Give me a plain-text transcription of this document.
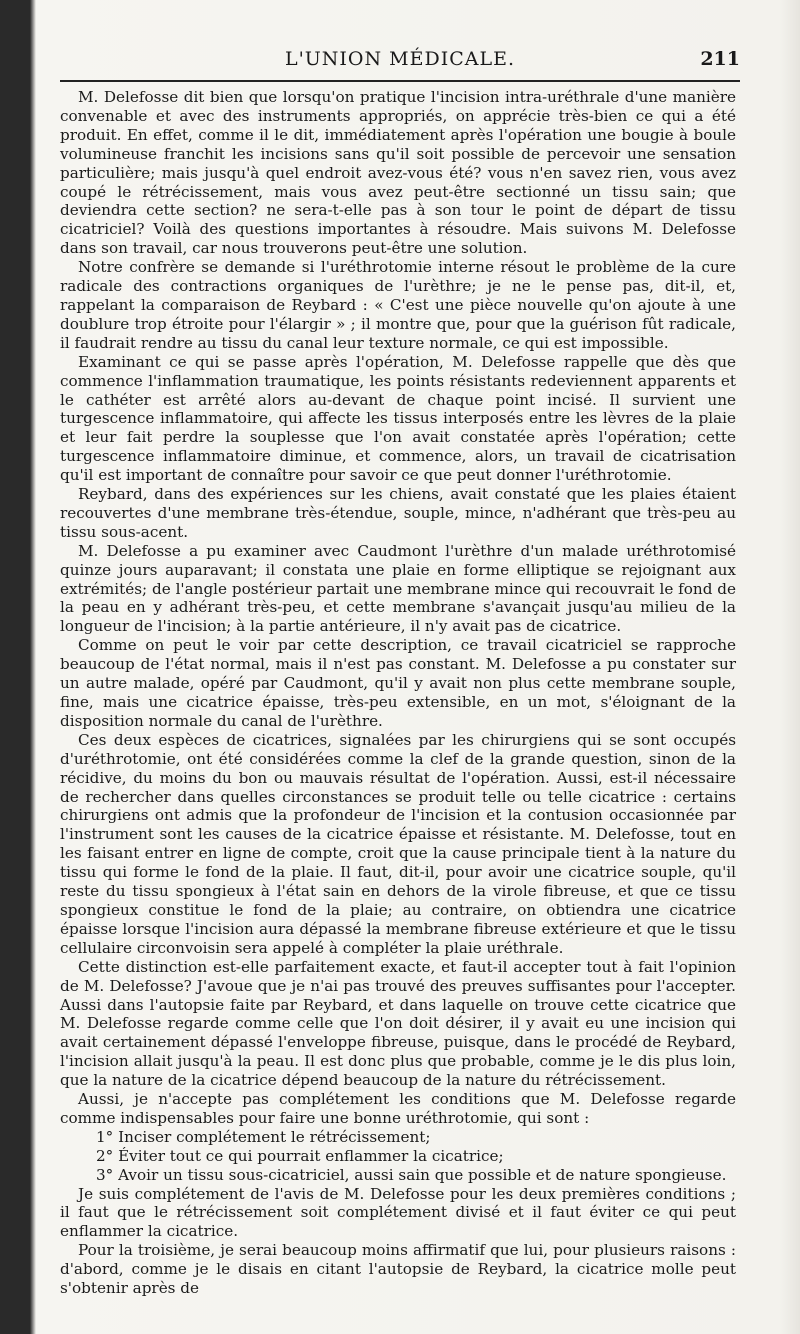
L'UNION MÉDICALE.	211

M. Delefosse dit bien que lorsqu'on pratique l'incision intra-uréthrale d'une manière convenable et avec des instruments appropriés, on apprécie très-bien ce qui a été produit. En effet, comme il le dit, immédiatement après l'opération une bougie à boule volumineuse franchit les incisions sans qu'il soit possible de percevoir une sensation particulière; mais jusqu'à quel endroit avez-vous été? vous n'en savez rien, vous avez coupé le rétrécissement, mais vous avez peut-être sectionné un tissu sain; que deviendra cette section? ne sera-t-elle pas à son tour le point de départ de tissu cicatriciel? Voilà des questions importantes à résoudre. Mais suivons M. Delefosse dans son travail, car nous trouverons peut-être une solution.

Notre confrère se demande si l'uréthrotomie interne résout le problème de la cure radicale des contractions organiques de l'urèthre; je ne le pense pas, dit-il, et, rappelant la comparaison de Reybard : « C'est une pièce nouvelle qu'on ajoute à une doublure trop étroite pour l'élargir » ; il montre que, pour que la guérison fût radicale, il faudrait rendre au tissu du canal leur texture normale, ce qui est impossible.

Examinant ce qui se passe après l'opération, M. Delefosse rappelle que dès que commence l'inflammation traumatique, les points résistants redeviennent apparents et le cathéter est arrêté alors au-devant de chaque point incisé. Il survient une turgescence inflammatoire, qui affecte les tissus interposés entre les lèvres de la plaie et leur fait perdre la souplesse que l'on avait constatée après l'opération; cette turgescence inflammatoire diminue, et commence, alors, un travail de cicatrisation qu'il est important de connaître pour savoir ce que peut donner l'uréthrotomie.

Reybard, dans des expériences sur les chiens, avait constaté que les plaies étaient recouvertes d'une membrane très-étendue, souple, mince, n'adhérant que très-peu au tissu sous-acent.

M. Delefosse a pu examiner avec Caudmont l'urèthre d'un malade uréthrotomisé quinze jours auparavant; il constata une plaie en forme elliptique se rejoignant aux extrémités; de l'angle postérieur partait une membrane mince qui recouvrait le fond de la peau en y adhérant très-peu, et cette membrane s'avançait jusqu'au milieu de la longueur de l'incision; à la partie antérieure, il n'y avait pas de cicatrice.

Comme on peut le voir par cette description, ce travail cicatriciel se rapproche beaucoup de l'état normal, mais il n'est pas constant. M. Delefosse a pu constater sur un autre malade, opéré par Caudmont, qu'il y avait non plus cette membrane souple, fine, mais une cicatrice épaisse, très-peu extensible, en un mot, s'éloignant de la disposition normale du canal de l'urèthre.

Ces deux espèces de cicatrices, signalées par les chirurgiens qui se sont occupés d'uréthrotomie, ont été considérées comme la clef de la grande question, sinon de la récidive, du moins du bon ou mauvais résultat de l'opération. Aussi, est-il nécessaire de rechercher dans quelles circonstances se produit telle ou telle cicatrice : certains chirurgiens ont admis que la profondeur de l'incision et la contusion occasionnée par l'instrument sont les causes de la cicatrice épaisse et résistante. M. Delefosse, tout en les faisant entrer en ligne de compte, croit que la cause principale tient à la nature du tissu qui forme le fond de la plaie. Il faut, dit-il, pour avoir une cicatrice souple, qu'il reste du tissu spongieux à l'état sain en dehors de la virole fibreuse, et que ce tissu spongieux constitue le fond de la plaie; au contraire, on obtiendra une cicatrice épaisse lorsque l'incision aura dépassé la membrane fibreuse extérieure et que le tissu cellulaire circonvoisin sera appelé à compléter la plaie uréthrale.

Cette distinction est-elle parfaitement exacte, et faut-il accepter tout à fait l'opinion de M. Delefosse? J'avoue que je n'ai pas trouvé des preuves suffisantes pour l'accepter. Aussi dans l'autopsie faite par Reybard, et dans laquelle on trouve cette cicatrice que M. Delefosse regarde comme celle que l'on doit désirer, il y avait eu une incision qui avait certainement dépassé l'enveloppe fibreuse, puisque, dans le procédé de Reybard, l'incision allait jusqu'à la peau. Il est donc plus que probable, comme je le dis plus loin, que la nature de la cicatrice dépend beaucoup de la nature du rétrécissement.

Aussi, je n'accepte pas complétement les conditions que M. Delefosse regarde comme indispensables pour faire une bonne uréthrotomie, qui sont :

1° Inciser complétement le rétrécissement;

2° Éviter tout ce qui pourrait enflammer la cicatrice;

3° Avoir un tissu sous-cicatriciel, aussi sain que possible et de nature spongieuse.

Je suis complétement de l'avis de M. Delefosse pour les deux premières conditions ; il faut que le rétrécissement soit complétement divisé et il faut éviter ce qui peut enflammer la cicatrice.

Pour la troisième, je serai beaucoup moins affirmatif que lui, pour plusieurs raisons : d'abord, comme je le disais en citant l'autopsie de Reybard, la cicatrice molle peut s'obtenir après de
